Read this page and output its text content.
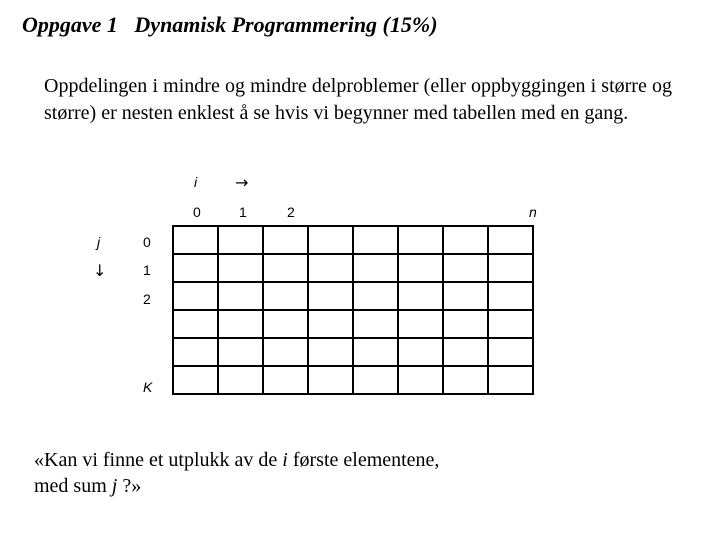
Oppgave 1   Dynamisk Programmering (15%)
Oppdelingen i mindre og mindre delproblemer (eller oppbyggingen i større og større) er nesten enklest å se hvis vi begynner med tabellen med en gang.
i →
0	1	2	n
j
↓
0
1
2
K

«Kan vi finne et utplukk av de i første elementene,
med sum j ?»
